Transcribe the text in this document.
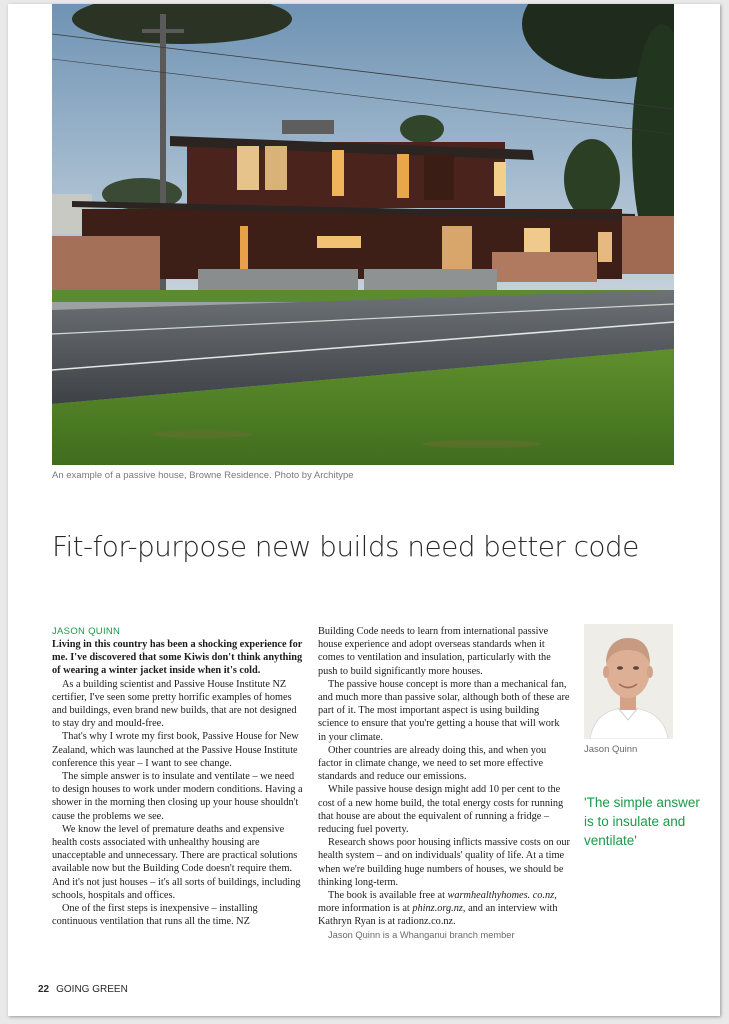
An example of a passive house, Browne Residence. Photo by Architype
Fit-for-purpose new builds need better code
JASON QUINN

Living in this country has been a shocking experience for me. I've discovered that some Kiwis don't think anything of wearing a winter jacket inside when it's cold.

As a building scientist and Passive House Institute NZ certifier, I've seen some pretty horrific examples of homes and buildings, even brand new builds, that are not designed to stay dry and mould-free.

That's why I wrote my first book, Passive House for New Zealand, which was launched at the Passive House Institute conference this year – I want to see change.

The simple answer is to insulate and ventilate – we need to design houses to work under modern conditions. Having a shower in the morning then closing up your house shouldn't cause the problems we see.

We know the level of premature deaths and expensive health costs associated with unhealthy housing are unacceptable and unnecessary. There are practical solutions available now but the Building Code doesn't require them. And it's not just houses – it's all sorts of buildings, including schools, hospitals and offices.

One of the first steps is inexpensive – installing continuous ventilation that runs all the time. NZ

Building Code needs to learn from international passive house experience and adopt overseas standards when it comes to ventilation and insulation, particularly with the push to build significantly more houses.

The passive house concept is more than a mechanical fan, and much more than passive solar, although both of these are part of it. The most important aspect is using building science to ensure that you're getting a house that will work in your climate.

Other countries are already doing this, and when you factor in climate change, we need to set more effective standards and reduce our emissions.

While passive house design might add 10 per cent to the cost of a new home build, the total energy costs for running that house are about the equivalent of running a fridge – reducing fuel poverty.

Research shows poor housing inflicts massive costs on our health system – and on individuals' quality of life. At a time when we're building huge numbers of houses, we should be thinking long-term.

The book is available free at warmhealthyhomes. co.nz, more information is at phinz.org.nz, and an interview with Kathryn Ryan is at radionz.co.nz.

Jason Quinn is a Whanganui branch member

Jason Quinn
'The simple answer is to insulate and ventilate'
22 GOING GREEN
